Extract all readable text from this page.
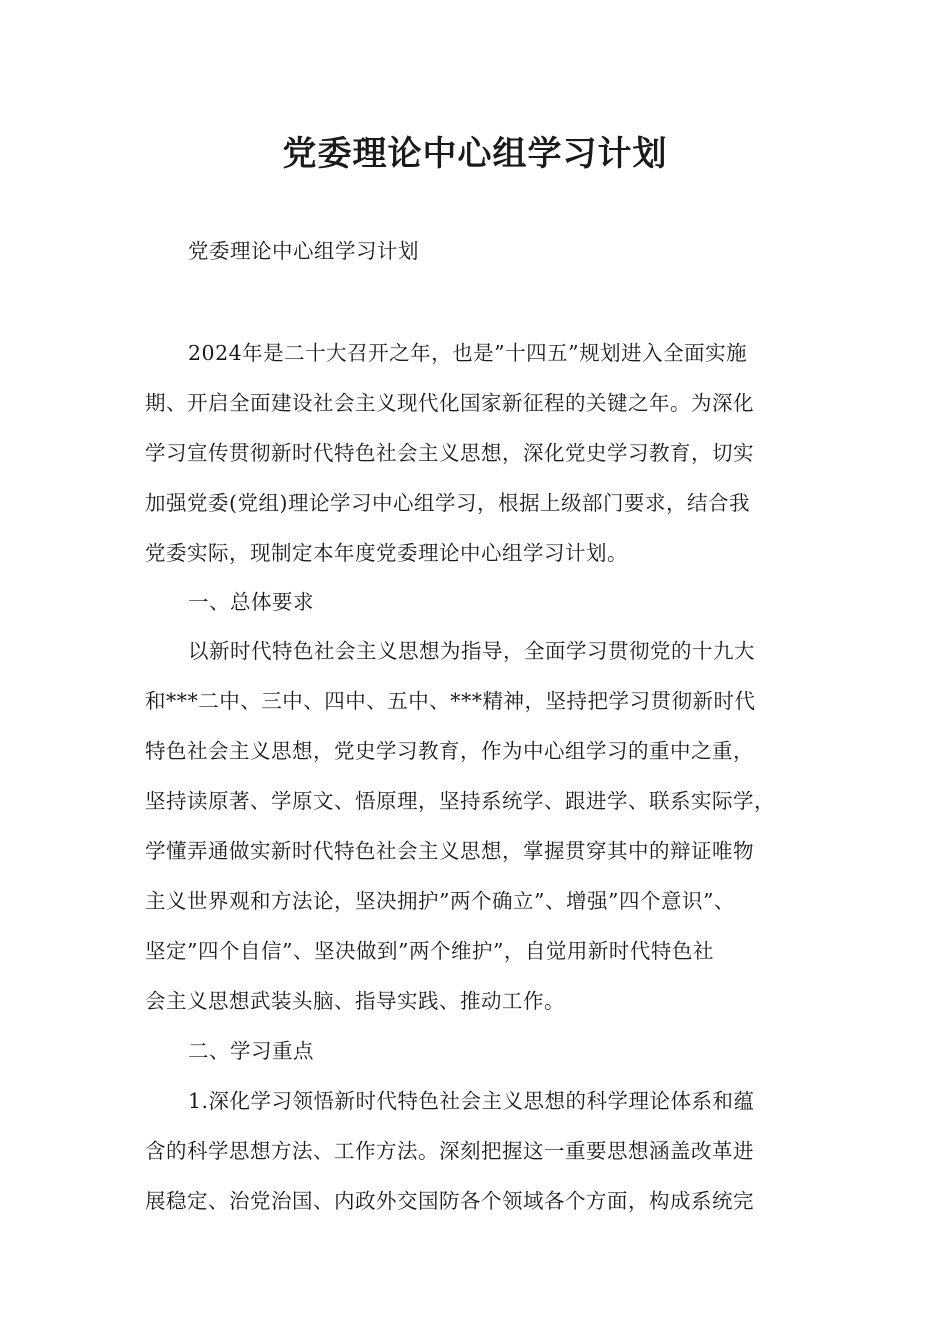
党委理论中心组学习计划
党委理论中心组学习计划
2024年是二十大召开之年，也是”十四五”规划进入全面实施
期、开启全面建设社会主义现代化国家新征程的关键之年。为深化
学习宣传贯彻新时代特色社会主义思想，深化党史学习教育，切实
加强党委(党组)理论学习中心组学习，根据上级部门要求，结合我
党委实际，现制定本年度党委理论中心组学习计划。
一、总体要求
以新时代特色社会主义思想为指导，全面学习贯彻党的十九大
和***二中、三中、四中、五中、***精神，坚持把学习贯彻新时代
特色社会主义思想，党史学习教育，作为中心组学习的重中之重，
坚持读原著、学原文、悟原理，坚持系统学、跟进学、联系实际学，
学懂弄通做实新时代特色社会主义思想，掌握贯穿其中的辩证唯物
主义世界观和方法论，坚决拥护”两个确立”、增强”四个意识”、
坚定”四个自信”、坚决做到”两个维护”，自觉用新时代特色社
会主义思想武装头脑、指导实践、推动工作。
二、学习重点
1.深化学习领悟新时代特色社会主义思想的科学理论体系和蕴
含的科学思想方法、工作方法。深刻把握这一重要思想涵盖改革进
展稳定、治党治国、内政外交国防各个领域各个方面，构成系统完
